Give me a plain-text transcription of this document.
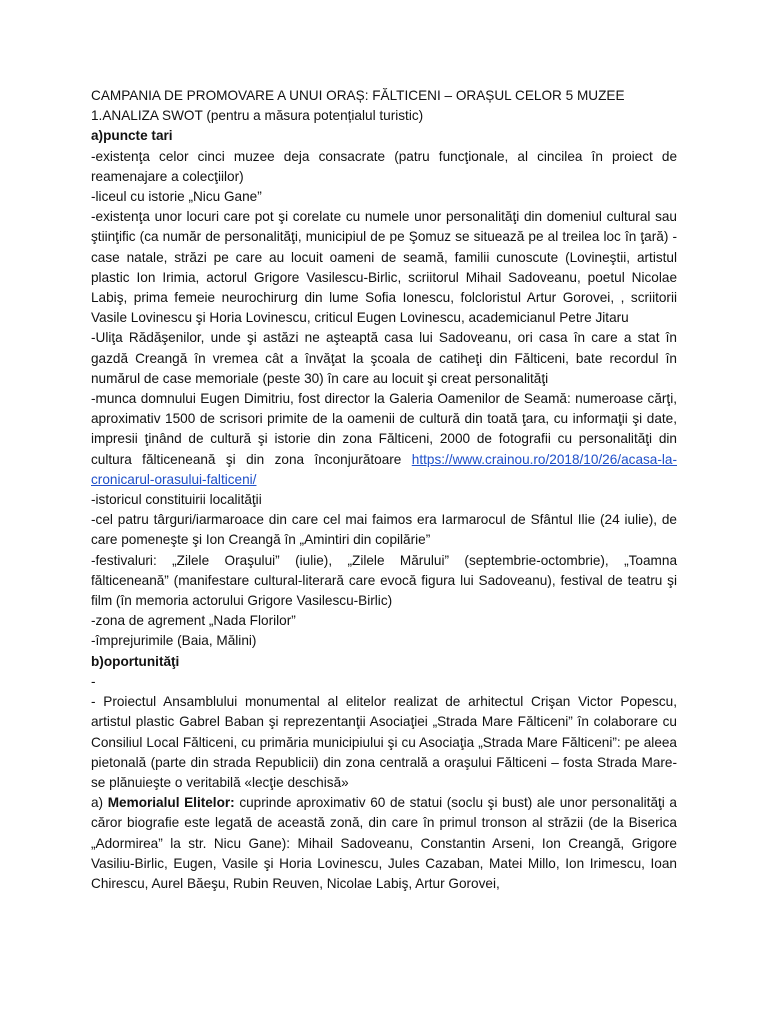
CAMPANIA DE PROMOVARE A UNUI ORAȘ: FĂLTICENI – ORAȘUL CELOR 5 MUZEE

1.ANALIZA SWOT (pentru a măsura potențialul turistic)

a)puncte tari

-existenţa celor cinci muzee deja consacrate (patru funcţionale, al cincilea în proiect de reamenajare a colecţiilor)

-liceul cu istorie „Nicu Gane”

-existenţa unor locuri care pot şi corelate cu numele unor personalităţi din domeniul cultural sau ştiinţific (ca număr de personalităţi, municipiul de pe Şomuz se situează pe al treilea loc în ţară) - case natale, străzi pe care au locuit oameni de seamă, familii cunoscute (Lovineştii, artistul plastic Ion Irimia, actorul Grigore Vasilescu-Birlic, scriitorul Mihail Sadoveanu, poetul Nicolae Labiş, prima femeie neurochirurg din lume Sofia Ionescu, folcloristul Artur Gorovei, , scriitorii Vasile Lovinescu şi Horia Lovinescu, criticul Eugen Lovinescu, academicianul Petre Jitaru

-Uliţa Rădăşenilor, unde şi astăzi ne aşteaptă casa lui Sadoveanu, ori casa în care a stat în gazdă Creangă în vremea cât a învăţat la şcoala de catiheţi din Fălticeni, bate recordul în numărul de case memoriale (peste 30) în care au locuit şi creat personalităţi

-munca domnului Eugen Dimitriu, fost director la Galeria Oamenilor de Seamă: numeroase cărţi, aproximativ 1500 de scrisori primite de la oamenii de cultură din toată ţara, cu informaţii şi date, impresii ţinând de cultură şi istorie din zona Fălticeni, 2000 de fotografii cu personalităţi din cultura fălticeneană şi din zona înconjurătoare https://www.crainou.ro/2018/10/26/acasa-la-cronicarul-orasului-falticeni/

-istoricul constituirii localităţii

-cel patru târguri/iarmaroace din care cel mai faimos era Iarmarocul de Sfântul Ilie (24 iulie), de care pomeneşte şi Ion Creangă în „Amintiri din copilărie”

-festivaluri: „Zilele Oraşului” (iulie), „Zilele Mărului” (septembrie-octombrie), „Toamna fălticeneană” (manifestare cultural-literară care evocă figura lui Sadoveanu), festival de teatru şi film (în memoria actorului Grigore Vasilescu-Birlic)

-zona de agrement „Nada Florilor”

-împrejurimile (Baia, Mălini)

b)oportunităţi

-

- Proiectul Ansamblului monumental al elitelor realizat de arhitectul Crişan Victor Popescu, artistul plastic Gabrel Baban şi reprezentanţii Asociaţiei „Strada Mare Fălticeni” în colaborare cu Consiliul Local Fălticeni, cu primăria municipiului şi cu Asociaţia „Strada Mare Fălticeni”: pe aleea pietonală (parte din strada Republicii) din zona centrală a oraşului Fălticeni – fosta Strada Mare- se plănuieşte o veritabilă «lecţie deschisă»

a) Memorialul Elitelor: cuprinde aproximativ 60 de statui (soclu şi bust) ale unor personalităţi a căror biografie este legată de această zonă, din care în primul tronson al străzii (de la Biserica „Adormirea” la str. Nicu Gane): Mihail Sadoveanu, Constantin Arseni, Ion Creangă, Grigore Vasiliu-Birlic, Eugen, Vasile şi Horia Lovinescu, Jules Cazaban, Matei Millo, Ion Irimescu, Ioan Chirescu, Aurel Băeşu, Rubin Reuven, Nicolae Labiş, Artur Gorovei,
